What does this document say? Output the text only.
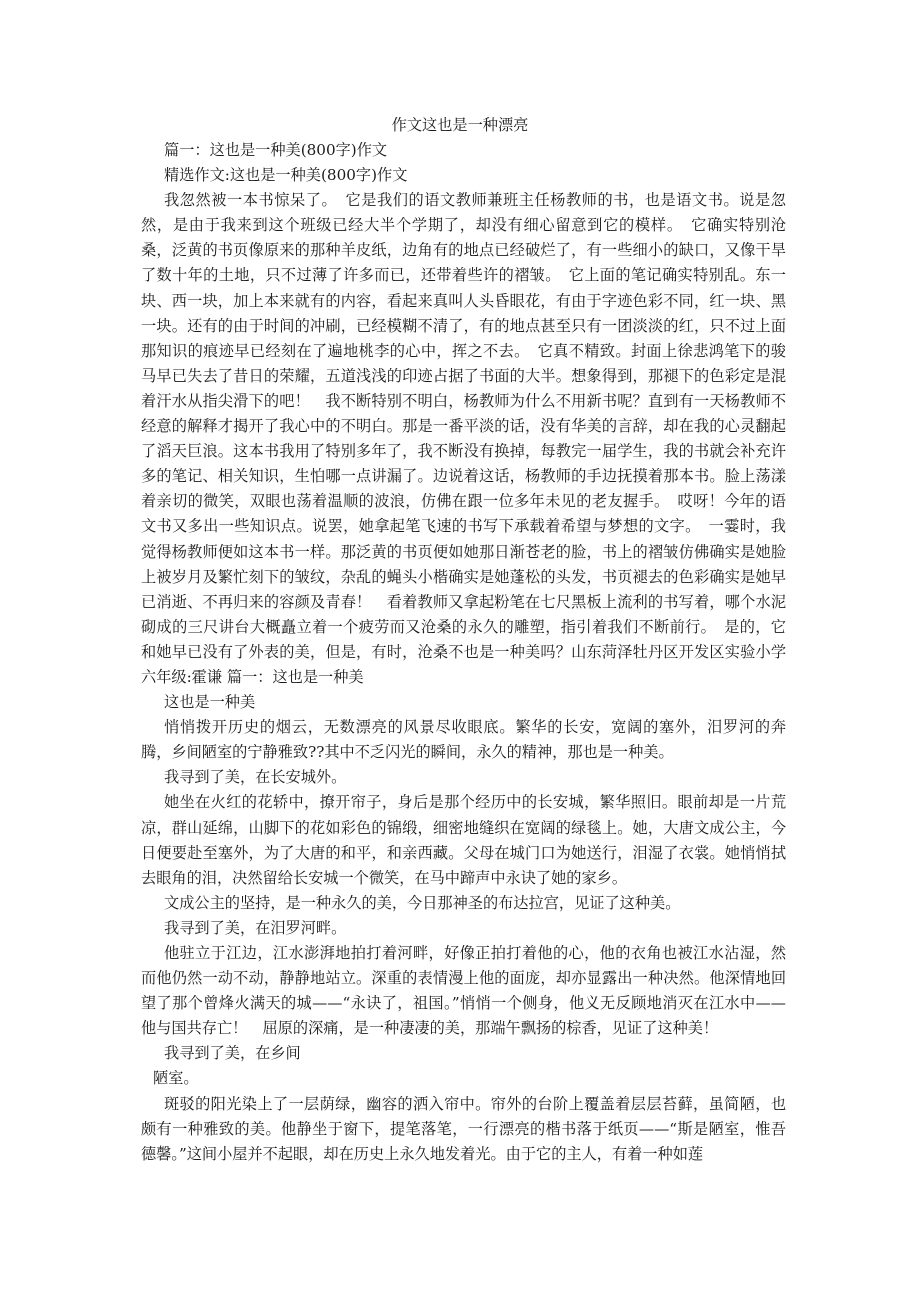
作文这也是一种漂亮

篇一：这也是一种美(800字)作文

精选作文:这也是一种美(800字)作文

我忽然被一本书惊呆了。　它是我们的语文教师兼班主任杨教师的书，也是语文书。说是忽然，是由于我来到这个班级已经大半个学期了，却没有细心留意到它的模样。　它确实特别沧桑，泛黄的书页像原来的那种羊皮纸，边角有的地点已经破烂了，有一些细小的缺口，又像干旱了数十年的土地，只不过薄了许多而已，还带着些许的褶皱。　它上面的笔记确实特别乱。东一块、西一块，加上本来就有的内容，看起来真叫人头昏眼花，有由于字迹色彩不同，红一块、黑一块。还有的由于时间的冲刷，已经模糊不清了，有的地点甚至只有一团淡淡的红，只不过上面那知识的痕迹早已经刻在了遍地桃李的心中，挥之不去。　它真不精致。封面上徐悲鸿笔下的骏马早已失去了昔日的荣耀，五道浅浅的印迹占据了书面的大半。想象得到，那褪下的色彩定是混着汗水从指尖滑下的吧！　我不断特别不明白，杨教师为什么不用新书呢？直到有一天杨教师不经意的解释才揭开了我心中的不明白。那是一番平淡的话，没有华美的言辞，却在我的心灵翻起了滔天巨浪。这本书我用了特别多年了，我不断没有换掉，每教完一届学生，我的书就会补充许多的笔记、相关知识，生怕哪一点讲漏了。边说着这话，杨教师的手边抚摸着那本书。脸上荡漾着亲切的微笑，双眼也荡着温顺的波浪，仿佛在跟一位多年未见的老友握手。　哎呀！今年的语文书又多出一些知识点。说罢，她拿起笔飞速的书写下承载着希望与梦想的文字。　一霎时，我觉得杨教师便如这本书一样。那泛黄的书页便如她那日渐苍老的脸，书上的褶皱仿佛确实是她脸上被岁月及繁忙刻下的皱纹，杂乱的蝇头小楷确实是她蓬松的头发，书页褪去的色彩确实是她早已消逝、不再归来的容颜及青春！　看着教师又拿起粉笔在七尺黑板上流利的书写着，哪个水泥砌成的三尺讲台大概矗立着一个疲劳而又沧桑的永久的雕塑，指引着我们不断前行。　是的，它和她早已没有了外表的美，但是，有时，沧桑不也是一种美吗？山东菏泽牡丹区开发区实验小学六年级:霍谦 篇一：这也是一种美

这也是一种美

悄悄拨开历史的烟云，无数漂亮的风景尽收眼底。繁华的长安，宽阔的塞外，汨罗河的奔腾，乡间陋室的宁静雅致??其中不乏闪光的瞬间，永久的精神，那也是一种美。

我寻到了美，在长安城外。

她坐在火红的花轿中，撩开帘子，身后是那个经历中的长安城，繁华照旧。眼前却是一片荒凉，群山延绵，山脚下的花如彩色的锦缎，细密地缝织在宽阔的绿毯上。她，大唐文成公主，今日便要赴至塞外，为了大唐的和平，和亲西藏。父母在城门口为她送行，泪湿了衣裳。她悄悄拭去眼角的泪，决然留给长安城一个微笑，在马中蹄声中永诀了她的家乡。

文成公主的坚持，是一种永久的美，今日那神圣的布达拉宫，见证了这种美。

我寻到了美，在汨罗河畔。

他驻立于江边，江水澎湃地拍打着河畔，好像正拍打着他的心，他的衣角也被江水沾湿，然而他仍然一动不动，静静地站立。深重的表情漫上他的面庞，却亦显露出一种决然。他深情地回望了那个曾烽火满天的城——“永诀了，祖国。”悄悄一个侧身，他义无反顾地消灭在江水中——他与国共存亡！　屈原的深痛，是一种凄凄的美，那端午飘扬的棕香，见证了这种美！

我寻到了美，在乡间

陋室。

斑驳的阳光染上了一层荫绿，幽容的洒入帘中。帘外的台阶上覆盖着层层苔藓，虽简陋，也颇有一种雅致的美。他静坐于窗下，提笔落笔，一行漂亮的楷书落于纸页——“斯是陋室，惟吾德馨。”这间小屋并不起眼，却在历史上永久地发着光。由于它的主人，有着一种如莲
